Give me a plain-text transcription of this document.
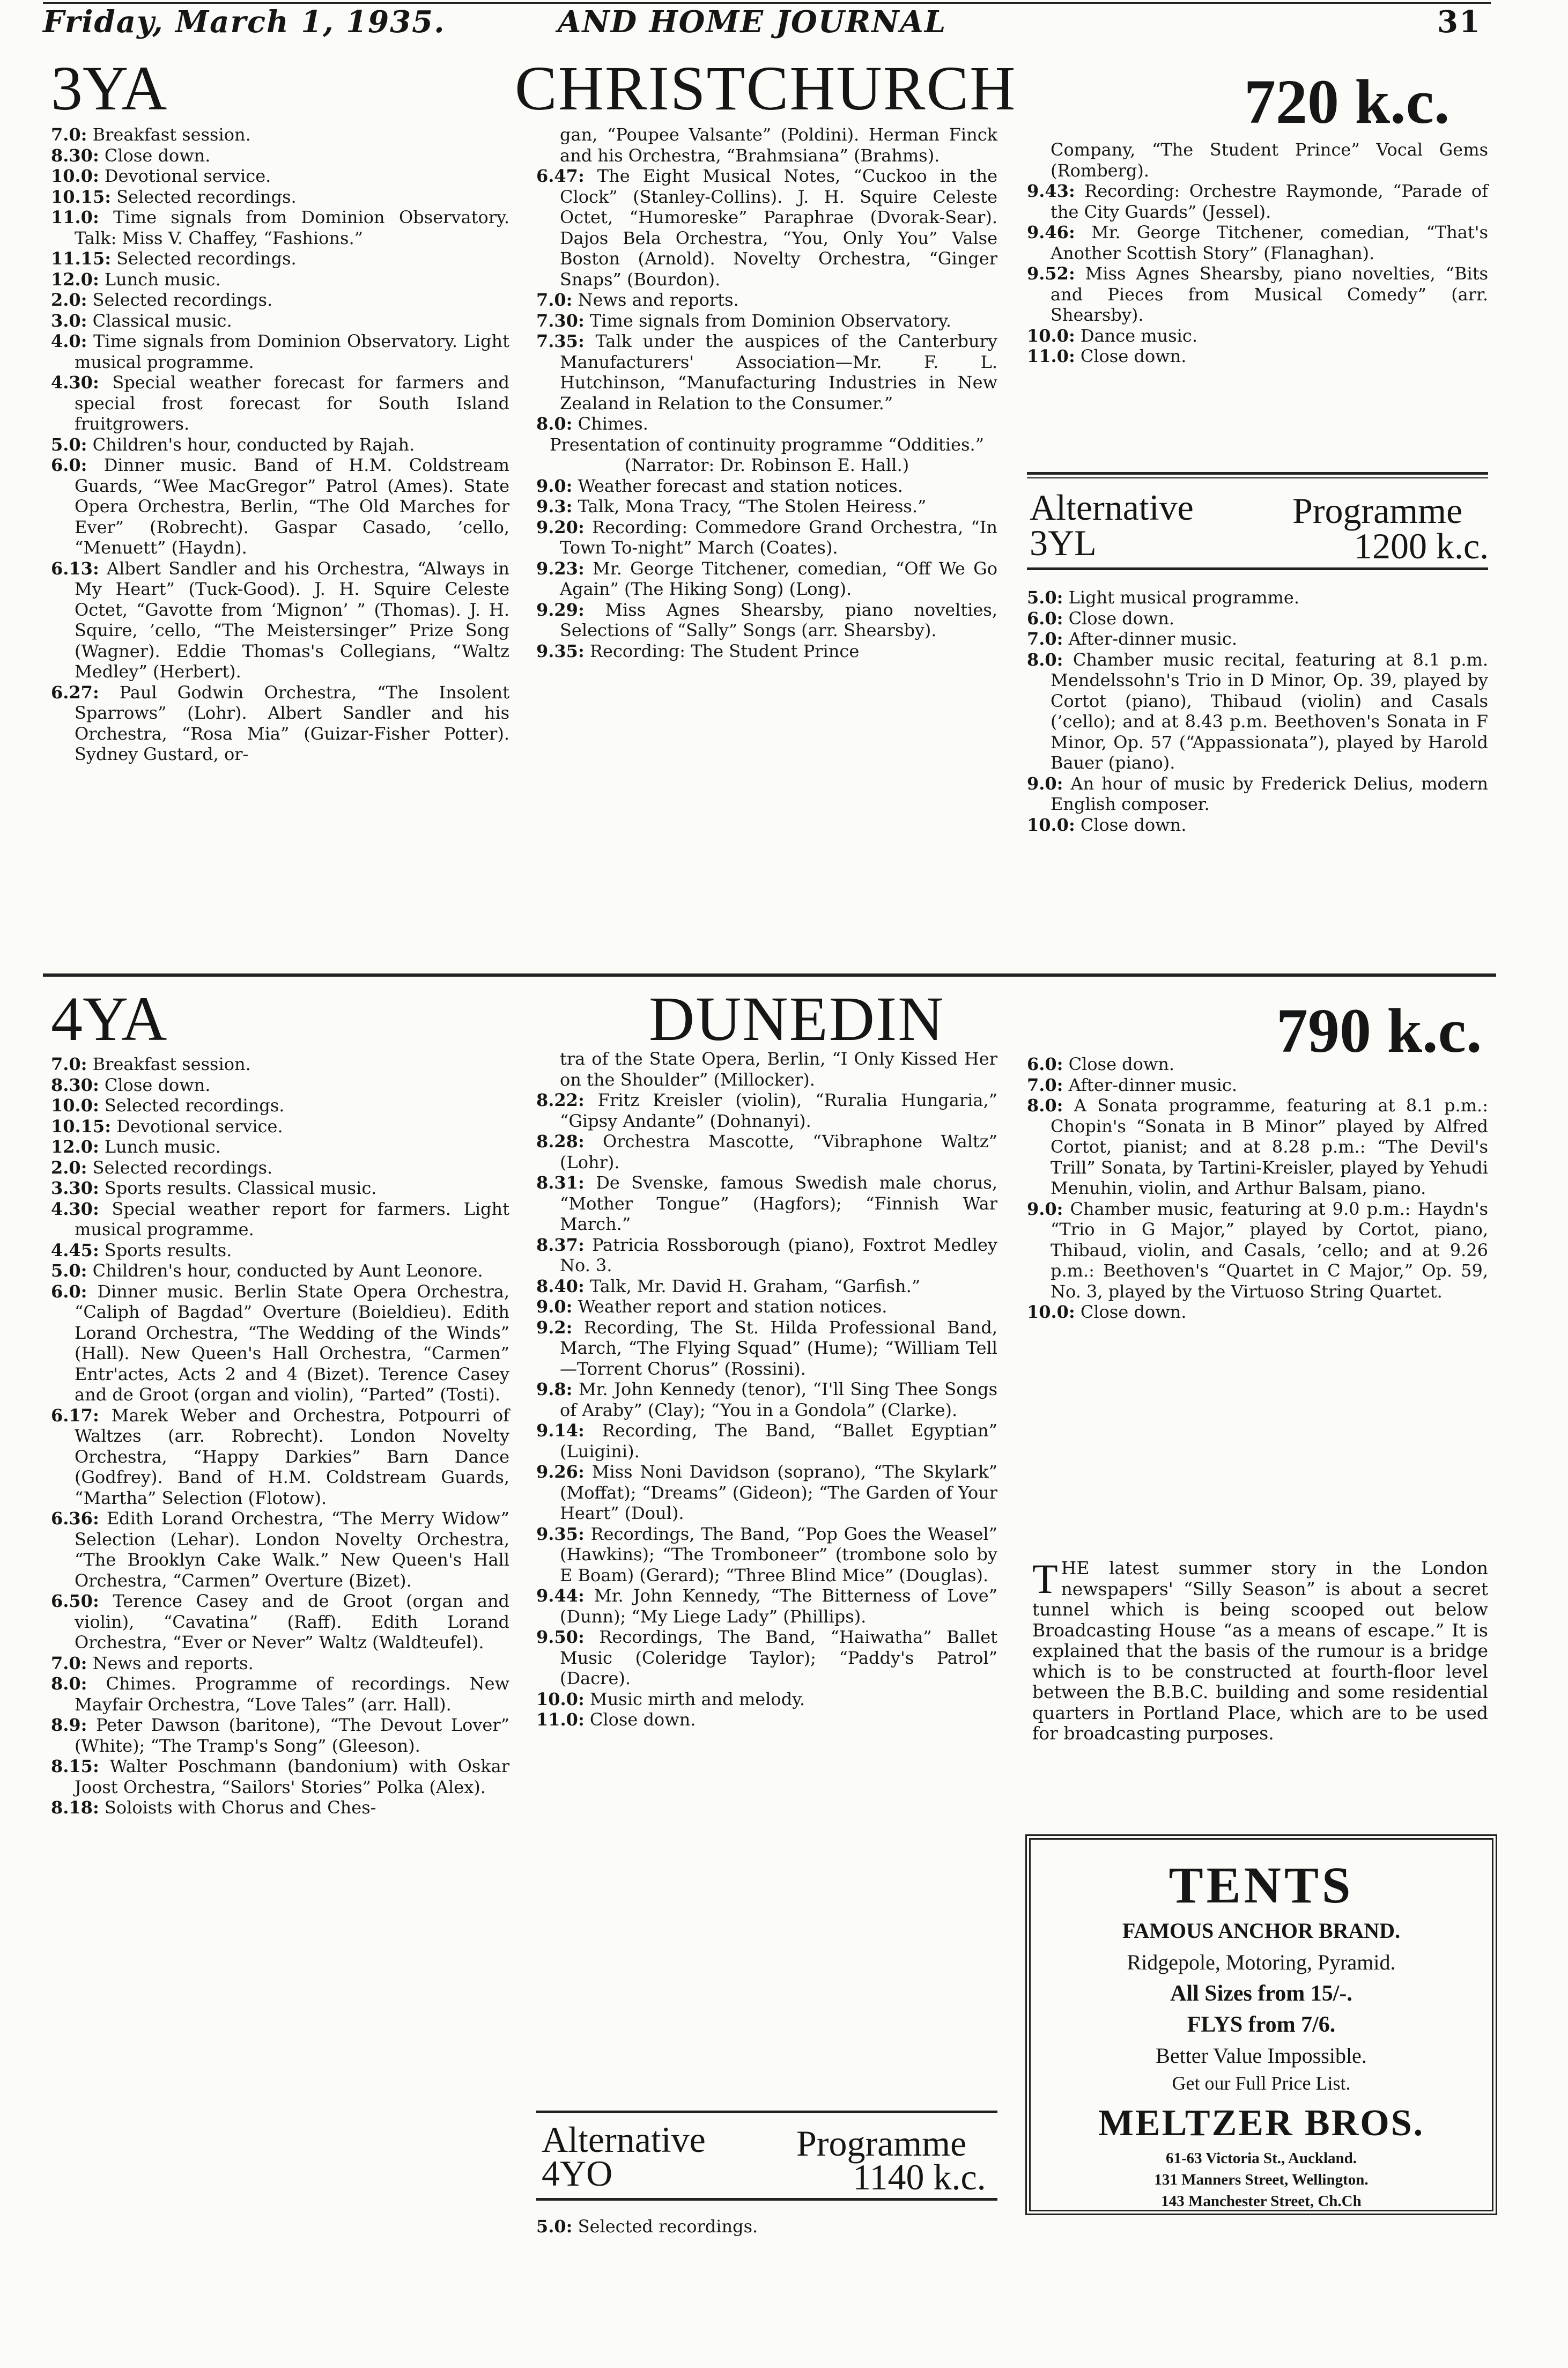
Friday, March 1, 1935.	AND HOME JOURNAL	31
3YA	CHRISTCHURCH	720 k.c.

7.0: Breakfast session.

8.30: Close down.

10.0: Devotional service.

10.15: Selected recordings.

11.0: Time signals from Dominion Observatory. Talk: Miss V. Chaffey, “Fashions.”

11.15: Selected recordings.

12.0: Lunch music.

2.0: Selected recordings.

3.0: Classical music.

4.0: Time signals from Dominion Observatory. Light musical programme.

4.30: Special weather forecast for farmers and special frost forecast for South Island fruitgrowers.

5.0: Children's hour, conducted by Rajah.

6.0: Dinner music. Band of H.M. Coldstream Guards, “Wee MacGregor” Patrol (Ames). State Opera Orchestra, Berlin, “The Old Marches for Ever” (Robrecht). Gaspar Casado, ’cello, “Menuett” (Haydn).

6.13: Albert Sandler and his Orchestra, “Always in My Heart” (Tuck-Good). J. H. Squire Celeste Octet, “Gavotte from ‘Mignon’ ” (Thomas). J. H. Squire, ’cello, “The Meistersinger” Prize Song (Wagner). Eddie Thomas's Collegians, “Waltz Medley” (Herbert).

6.27: Paul Godwin Orchestra, “The Insolent Sparrows” (Lohr). Albert Sandler and his Orchestra, “Rosa Mia” (Guizar-Fisher Potter). Sydney Gustard, or-

gan, “Poupee Valsante” (Poldini). Herman Finck and his Orchestra, “Brahmsiana” (Brahms).

6.47: The Eight Musical Notes, “Cuckoo in the Clock” (Stanley-Collins). J. H. Squire Celeste Octet, “Humoreske” Paraphrae (Dvorak-Sear). Dajos Bela Orchestra, “You, Only You” Valse Boston (Arnold). Novelty Orchestra, “Ginger Snaps” (Bourdon).

7.0: News and reports.

7.30: Time signals from Dominion Observatory.

7.35: Talk under the auspices of the Canterbury Manufacturers' Association—Mr. F. L. Hutchinson, “Manufacturing Industries in New Zealand in Relation to the Consumer.”

8.0: Chimes.

Presentation of continuity programme “Oddities.”

(Narrator: Dr. Robinson E. Hall.)

9.0: Weather forecast and station notices.

9.3: Talk, Mona Tracy, “The Stolen Heiress.”

9.20: Recording: Commedore Grand Orchestra, “In Town To-night” March (Coates).

9.23: Mr. George Titchener, comedian, “Off We Go Again” (The Hiking Song) (Long).

9.29: Miss Agnes Shearsby, piano novelties, Selections of “Sally” Songs (arr. Shearsby).

9.35: Recording: The Student Prince

Company, “The Student Prince” Vocal Gems (Romberg).

9.43: Recording: Orchestre Raymonde, “Parade of the City Guards” (Jessel).

9.46: Mr. George Titchener, comedian, “That's Another Scottish Story” (Flanaghan).

9.52: Miss Agnes Shearsby, piano novelties, “Bits and Pieces from Musical Comedy” (arr. Shearsby).

10.0: Dance music.

11.0: Close down.

Alternative	Programme
3YL	1200 k.c.

5.0: Light musical programme.

6.0: Close down.

7.0: After-dinner music.

8.0: Chamber music recital, featuring at 8.1 p.m. Mendelssohn's Trio in D Minor, Op. 39, played by Cortot (piano), Thibaud (violin) and Casals (’cello); and at 8.43 p.m. Beethoven's Sonata in F Minor, Op. 57 (“Appassionata”), played by Harold Bauer (piano).

9.0: An hour of music by Frederick Delius, modern English composer.

10.0: Close down.

4YA	DUNEDIN	790 k.c.

7.0: Breakfast session.

8.30: Close down.

10.0: Selected recordings.

10.15: Devotional service.

12.0: Lunch music.

2.0: Selected recordings.

3.30: Sports results. Classical music.

4.30: Special weather report for farmers. Light musical programme.

4.45: Sports results.

5.0: Children's hour, conducted by Aunt Leonore.

6.0: Dinner music. Berlin State Opera Orchestra, “Caliph of Bagdad” Overture (Boieldieu). Edith Lorand Orchestra, “The Wedding of the Winds” (Hall). New Queen's Hall Orchestra, “Carmen” Entr'actes, Acts 2 and 4 (Bizet). Terence Casey and de Groot (organ and violin), “Parted” (Tosti).

6.17: Marek Weber and Orchestra, Potpourri of Waltzes (arr. Robrecht). London Novelty Orchestra, “Happy Darkies” Barn Dance (Godfrey). Band of H.M. Coldstream Guards, “Martha” Selection (Flotow).

6.36: Edith Lorand Orchestra, “The Merry Widow” Selection (Lehar). London Novelty Orchestra, “The Brooklyn Cake Walk.” New Queen's Hall Orchestra, “Carmen” Overture (Bizet).

6.50: Terence Casey and de Groot (organ and violin), “Cavatina” (Raff). Edith Lorand Orchestra, “Ever or Never” Waltz (Waldteufel).

7.0: News and reports.

8.0: Chimes. Programme of recordings. New Mayfair Orchestra, “Love Tales” (arr. Hall).

8.9: Peter Dawson (baritone), “The Devout Lover” (White); “The Tramp's Song” (Gleeson).

8.15: Walter Poschmann (bandonium) with Oskar Joost Orchestra, “Sailors' Stories” Polka (Alex).

8.18: Soloists with Chorus and Ches-

tra of the State Opera, Berlin, “I Only Kissed Her on the Shoulder” (Millocker).

8.22: Fritz Kreisler (violin), “Ruralia Hungaria,” “Gipsy Andante” (Dohnanyi).

8.28: Orchestra Mascotte, “Vibraphone Waltz” (Lohr).

8.31: De Svenske, famous Swedish male chorus, “Mother Tongue” (Hagfors); “Finnish War March.”

8.37: Patricia Rossborough (piano), Foxtrot Medley No. 3.

8.40: Talk, Mr. David H. Graham, “Garfish.”

9.0: Weather report and station notices.

9.2: Recording, The St. Hilda Professional Band, March, “The Flying Squad” (Hume); “William Tell—Torrent Chorus” (Rossini).

9.8: Mr. John Kennedy (tenor), “I'll Sing Thee Songs of Araby” (Clay); “You in a Gondola” (Clarke).

9.14: Recording, The Band, “Ballet Egyptian” (Luigini).

9.26: Miss Noni Davidson (soprano), “The Skylark” (Moffat); “Dreams” (Gideon); “The Garden of Your Heart” (Doul).

9.35: Recordings, The Band, “Pop Goes the Weasel” (Hawkins); “The Tromboneer” (trombone solo by E Boam) (Gerard); “Three Blind Mice” (Douglas).

9.44: Mr. John Kennedy, “The Bitterness of Love” (Dunn); “My Liege Lady” (Phillips).

9.50: Recordings, The Band, “Haiwatha” Ballet Music (Coleridge Taylor); “Paddy's Patrol” (Dacre).

10.0: Music mirth and melody.

11.0: Close down.

Alternative Programme
4YO	1140 k.c.

5.0: Selected recordings.

6.0: Close down.

7.0: After-dinner music.

8.0: A Sonata programme, featuring at 8.1 p.m.: Chopin's “Sonata in B Minor” played by Alfred Cortot, pianist; and at 8.28 p.m.: “The Devil's Trill” Sonata, by Tartini-Kreisler, played by Yehudi Menuhin, violin, and Arthur Balsam, piano.

9.0: Chamber music, featuring at 9.0 p.m.: Haydn's “Trio in G Major,” played by Cortot, piano, Thibaud, violin, and Casals, ’cello; and at 9.26 p.m.: Beethoven's “Quartet in C Major,” Op. 59, No. 3, played by the Virtuoso String Quartet.

10.0: Close down.

THE latest summer story in the London newspapers' “Silly Season” is about a secret tunnel which is being scooped out below Broadcasting House “as a means of escape.” It is explained that the basis of the rumour is a bridge which is to be constructed at fourth-floor level between the B.B.C. building and some residential quarters in Portland Place, which are to be used for broadcasting purposes.
TENTS
FAMOUS ANCHOR BRAND.
Ridgepole, Motoring, Pyramid.
All Sizes from 15/-.
FLYS from 7/6.
Better Value Impossible.
Get our Full Price List.
MELTZER BROS.
61-63 Victoria St., Auckland.
131 Manners Street, Wellington.
143 Manchester Street, Ch.Ch
